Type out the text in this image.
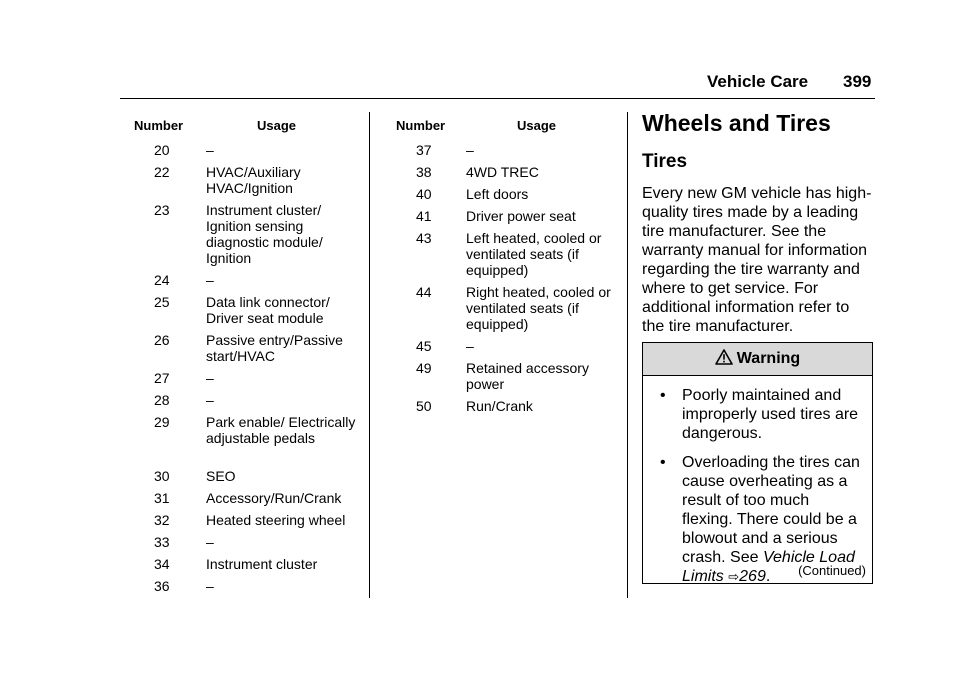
Vehicle Care 399
Number	Usage
20	–
22	HVAC/Auxiliary HVAC/Ignition
23	Instrument cluster/ Ignition sensing diagnostic module/ Ignition
24	–
25	Data link connector/ Driver seat module
26	Passive entry/Passive start/HVAC
27	–
28	–
29	Park enable/ Electrically adjustable pedals
30	SEO
31	Accessory/Run/Crank
32	Heated steering wheel
33	–
34	Instrument cluster
36	–
Number	Usage
37	–
38	4WD TREC
40	Left doors
41	Driver power seat
43	Left heated, cooled or ventilated seats (if equipped)
44	Right heated, cooled or ventilated seats (if equipped)
45	–
49	Retained accessory power
50	Run/Crank
Wheels and Tires
Tires

Every new GM vehicle has high-quality tires made by a leading tire manufacturer. See the warranty manual for information regarding the tire warranty and where to get service. For additional information refer to the tire manufacturer.

Warning
• Poorly maintained and improperly used tires are dangerous.
• Overloading the tires can cause overheating as a result of too much flexing. There could be a blowout and a serious crash. See Vehicle Load Limits ⇨269.	(Continued)
